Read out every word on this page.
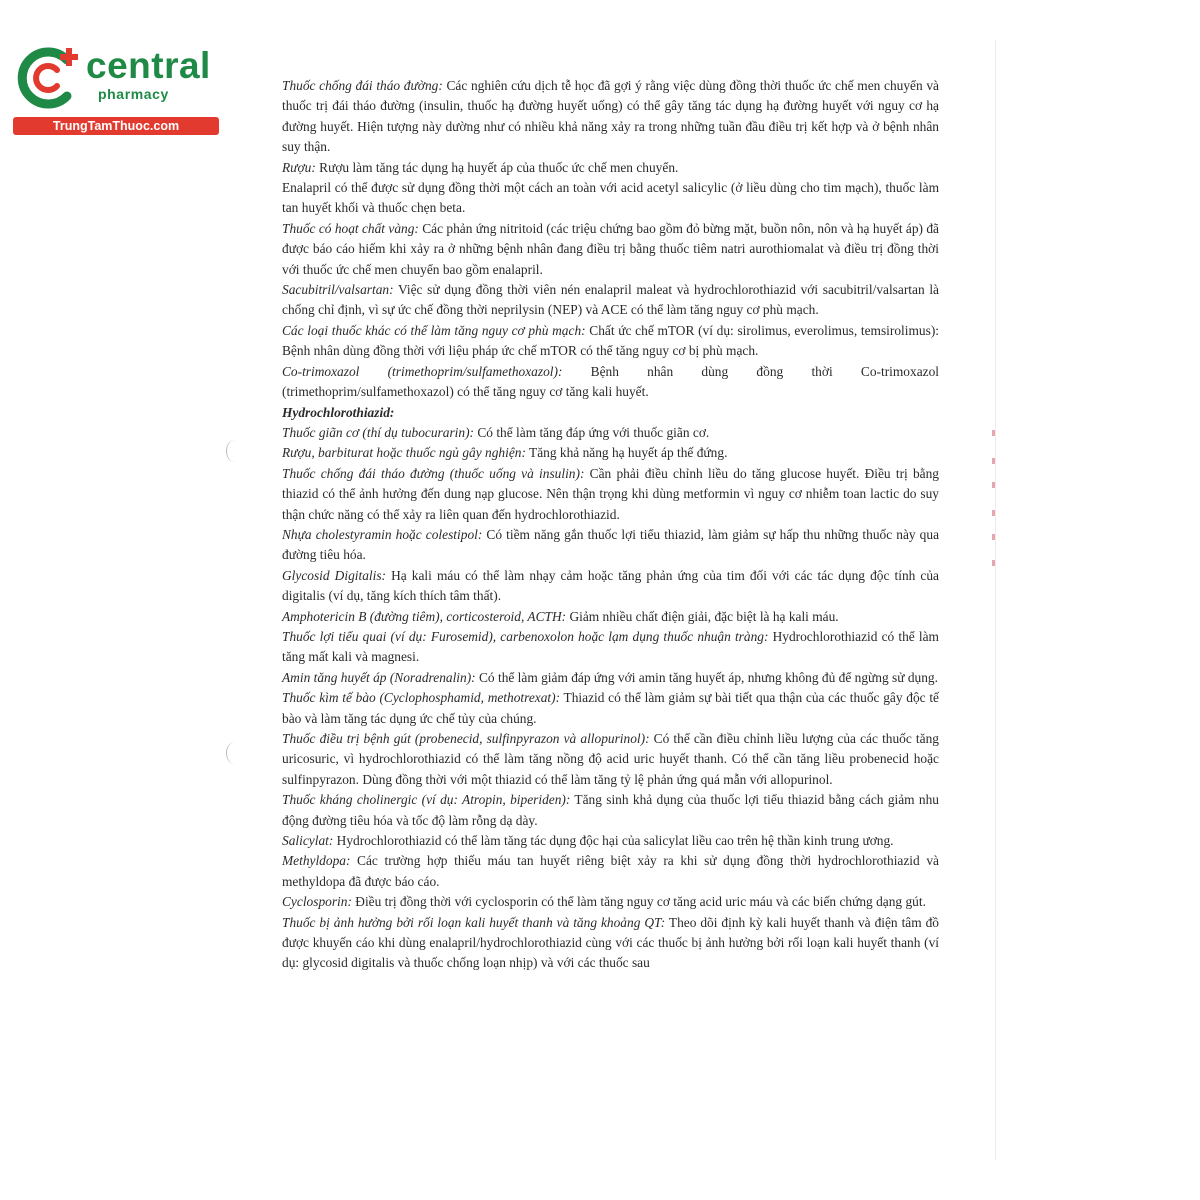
central
pharmacy
TrungTamThuoc.com

Thuốc chống đái tháo đường: Các nghiên cứu dịch tễ học đã gợi ý rằng việc dùng đồng thời thuốc ức chế men chuyển và thuốc trị đái tháo đường (insulin, thuốc hạ đường huyết uống) có thể gây tăng tác dụng hạ đường huyết với nguy cơ hạ đường huyết. Hiện tượng này dường như có nhiều khả năng xảy ra trong những tuần đầu điều trị kết hợp và ở bệnh nhân suy thận.

Rượu: Rượu làm tăng tác dụng hạ huyết áp của thuốc ức chế men chuyển.

Enalapril có thể được sử dụng đồng thời một cách an toàn với acid acetyl salicylic (ở liều dùng cho tim mạch), thuốc làm tan huyết khối và thuốc chẹn beta.

Thuốc có hoạt chất vàng: Các phản ứng nitritoid (các triệu chứng bao gồm đỏ bừng mặt, buồn nôn, nôn và hạ huyết áp) đã được báo cáo hiếm khi xảy ra ở những bệnh nhân đang điều trị bằng thuốc tiêm natri aurothiomalat và điều trị đồng thời với thuốc ức chế men chuyển bao gồm enalapril.

Sacubitril/valsartan: Việc sử dụng đồng thời viên nén enalapril maleat và hydrochlorothiazid với sacubitril/valsartan là chống chỉ định, vì sự ức chế đồng thời neprilysin (NEP) và ACE có thể làm tăng nguy cơ phù mạch.

Các loại thuốc khác có thể làm tăng nguy cơ phù mạch: Chất ức chế mTOR (ví dụ: sirolimus, everolimus, temsirolimus): Bệnh nhân dùng đồng thời với liệu pháp ức chế mTOR có thể tăng nguy cơ bị phù mạch.

Co-trimoxazol (trimethoprim/sulfamethoxazol): Bệnh nhân dùng đồng thời Co-trimoxazol (trimethoprim/sulfamethoxazol) có thể tăng nguy cơ tăng kali huyết.

Hydrochlorothiazid:

Thuốc giãn cơ (thí dụ tubocurarin): Có thể làm tăng đáp ứng với thuốc giãn cơ.

Rượu, barbiturat hoặc thuốc ngủ gây nghiện: Tăng khả năng hạ huyết áp thế đứng.

Thuốc chống đái tháo đường (thuốc uống và insulin): Cần phải điều chỉnh liều do tăng glucose huyết. Điều trị bằng thiazid có thể ảnh hưởng đến dung nạp glucose. Nên thận trọng khi dùng metformin vì nguy cơ nhiễm toan lactic do suy thận chức năng có thể xảy ra liên quan đến hydrochlorothiazid.

Nhựa cholestyramin hoặc colestipol: Có tiềm năng gắn thuốc lợi tiểu thiazid, làm giảm sự hấp thu những thuốc này qua đường tiêu hóa.

Glycosid Digitalis: Hạ kali máu có thể làm nhạy cảm hoặc tăng phản ứng của tim đối với các tác dụng độc tính của digitalis (ví dụ, tăng kích thích tâm thất).

Amphotericin B (đường tiêm), corticosteroid, ACTH: Giảm nhiều chất điện giải, đặc biệt là hạ kali máu.

Thuốc lợi tiểu quai (ví dụ: Furosemid), carbenoxolon hoặc lạm dụng thuốc nhuận tràng: Hydrochlorothiazid có thể làm tăng mất kali và magnesi.

Amin tăng huyết áp (Noradrenalin): Có thể làm giảm đáp ứng với amin tăng huyết áp, nhưng không đủ để ngừng sử dụng.

Thuốc kìm tế bào (Cyclophosphamid, methotrexat): Thiazid có thể làm giảm sự bài tiết qua thận của các thuốc gây độc tế bào và làm tăng tác dụng ức chế tủy của chúng.

Thuốc điều trị bệnh gút (probenecid, sulfinpyrazon và allopurinol): Có thể cần điều chỉnh liều lượng của các thuốc tăng uricosuric, vì hydrochlorothiazid có thể làm tăng nồng độ acid uric huyết thanh. Có thể cần tăng liều probenecid hoặc sulfinpyrazon. Dùng đồng thời với một thiazid có thể làm tăng tỷ lệ phản ứng quá mẫn với allopurinol.

Thuốc kháng cholinergic (ví dụ: Atropin, biperiden): Tăng sinh khả dụng của thuốc lợi tiểu thiazid bằng cách giảm nhu động đường tiêu hóa và tốc độ làm rỗng dạ dày.

Salicylat: Hydrochlorothiazid có thể làm tăng tác dụng độc hại của salicylat liều cao trên hệ thần kinh trung ương.

Methyldopa: Các trường hợp thiếu máu tan huyết riêng biệt xảy ra khi sử dụng đồng thời hydrochlorothiazid và methyldopa đã được báo cáo.

Cyclosporin: Điều trị đồng thời với cyclosporin có thể làm tăng nguy cơ tăng acid uric máu và các biến chứng dạng gút.

Thuốc bị ảnh hưởng bởi rối loạn kali huyết thanh và tăng khoảng QT: Theo dõi định kỳ kali huyết thanh và điện tâm đồ được khuyến cáo khi dùng enalapril/hydrochlorothiazid cùng với các thuốc bị ảnh hưởng bởi rối loạn kali huyết thanh (ví dụ: glycosid digitalis và thuốc chống loạn nhịp) và với các thuốc sau
